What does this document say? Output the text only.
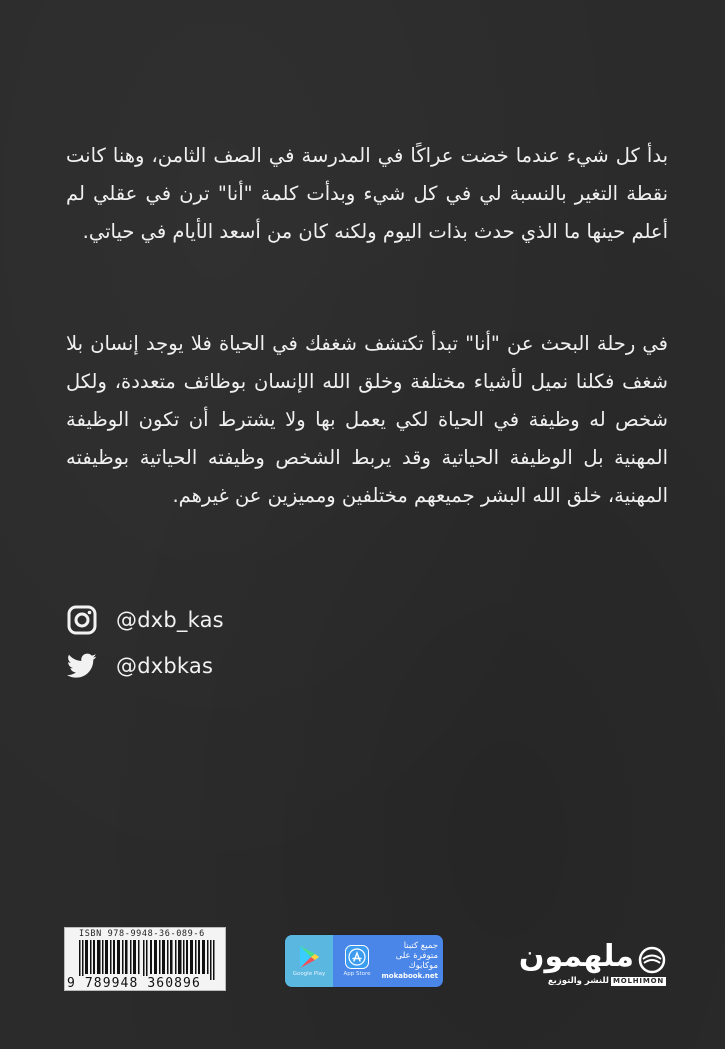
بدأ كل شيء عندما خضت عراكًا في المدرسة في الصف الثامن، وهنا كانت نقطة التغير بالنسبة لي في كل شيء وبدأت كلمة "أنا" ترن في عقلي لم أعلم حينها ما الذي حدث بذات اليوم ولكنه كان من أسعد الأيام في حياتي.

في رحلة البحث عن "أنا" تبدأ تكتشف شغفك في الحياة فلا يوجد إنسان بلا شغف فكلنا نميل لأشياء مختلفة وخلق الله الإنسان بوظائف متعددة، ولكل شخص له وظيفة في الحياة لكي يعمل بها ولا يشترط أن تكون الوظيفة المهنية بل الوظيفة الحياتية وقد يربط الشخص وظيفته الحياتية بوظيفته المهنية، خلق الله البشر جميعهم مختلفين ومميزين عن غيرهم.

@dxb_kas
@dxbkas
ISBN 978-9948-36-089-6
9 789948 360896
Google Play	App Store
جميع كتبنا
متوفرة على
موكابوك
mokabook.net
ملهمون
للنشر والتوزيع MOLHIMON
